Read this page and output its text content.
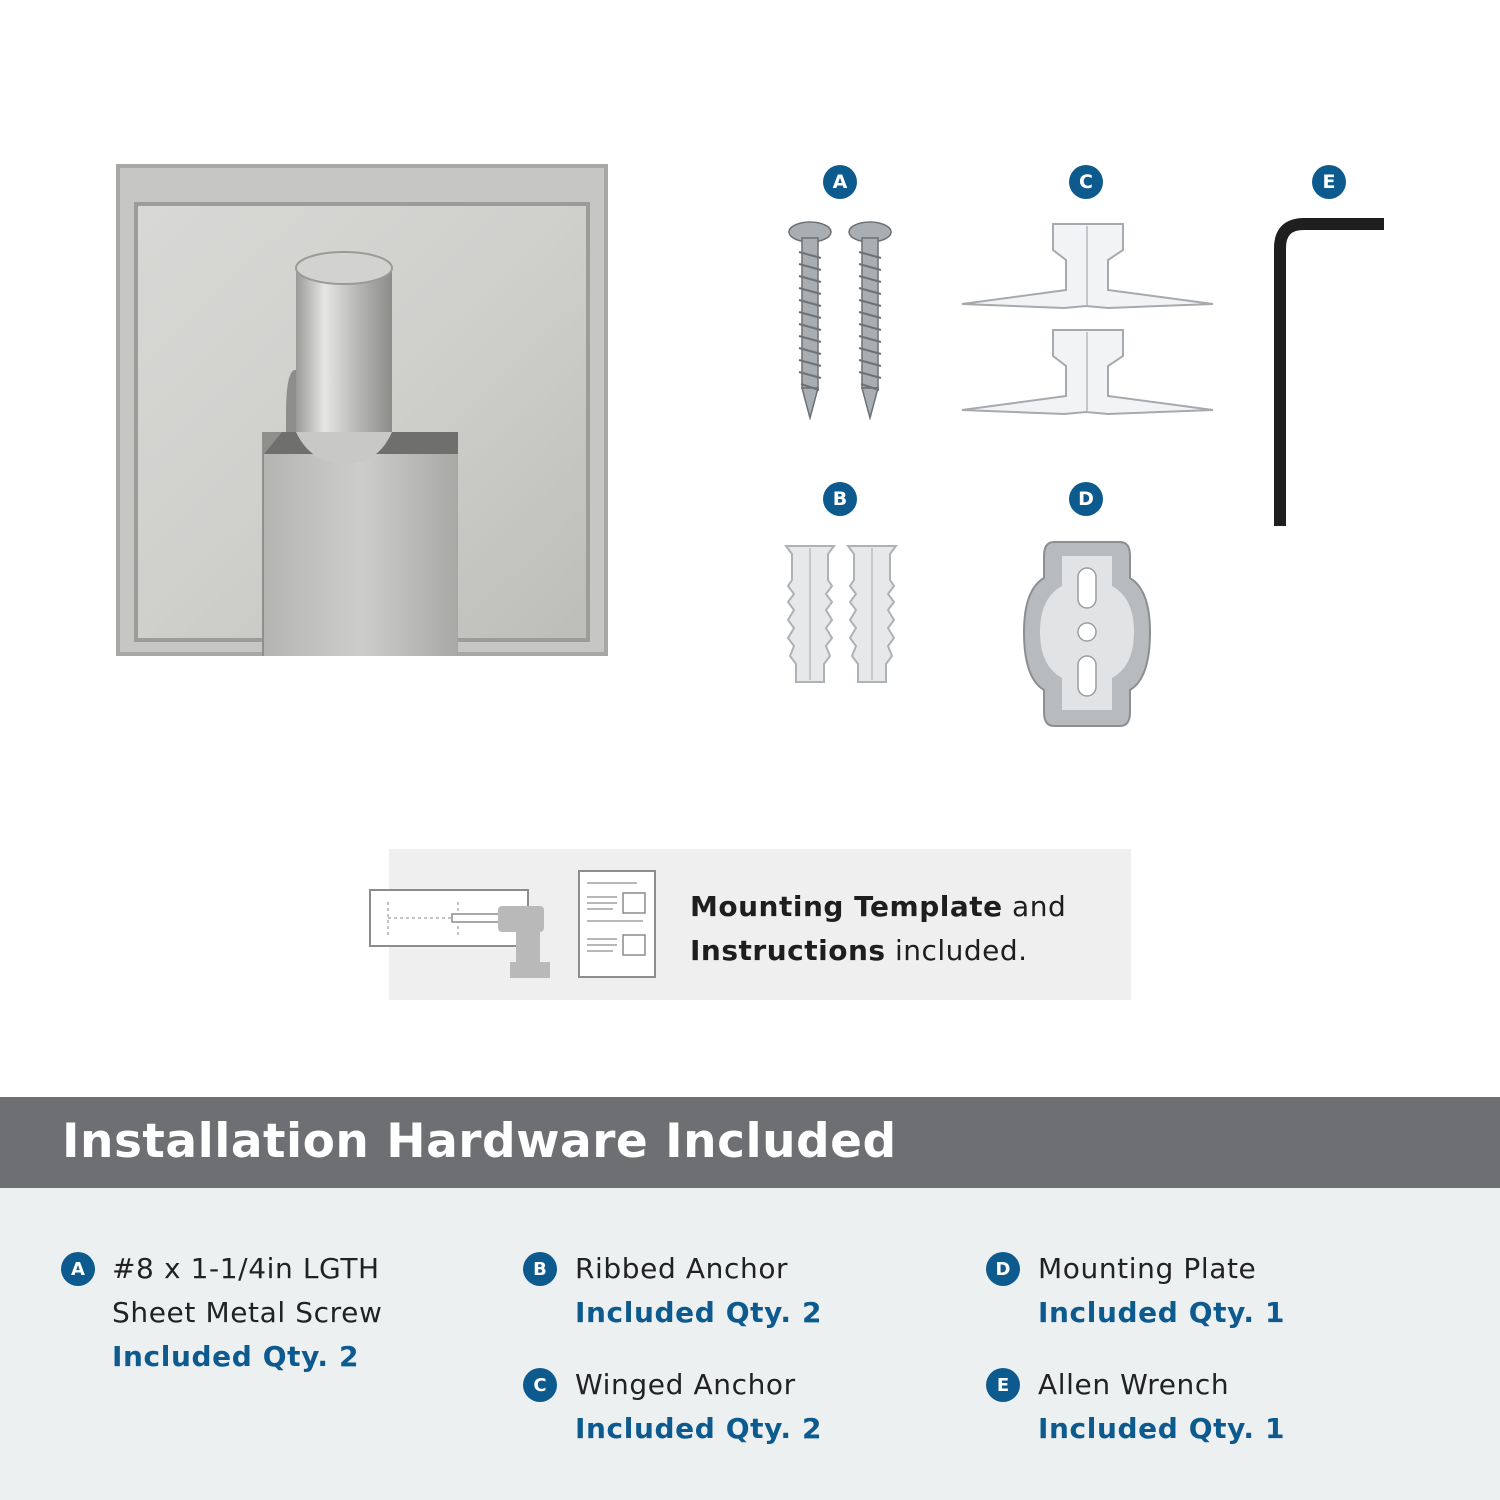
A	C	E
B	D
Mounting Template and
Instructions included.
Installation Hardware Included
A #8 x 1-1/4in LGTH
Sheet Metal Screw
Included Qty. 2
B	Ribbed Anchor
Included Qty. 2
C	Winged Anchor
Included Qty. 2
D Mounting Plate
Included Qty. 1
E	Allen Wrench
Included Qty. 1
